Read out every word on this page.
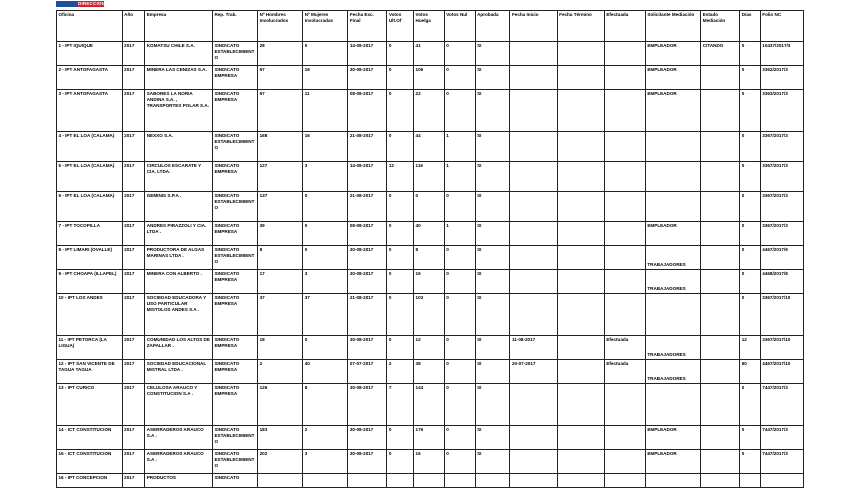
DIRECCION
Oficina	Año	Empresa	Rep. Trab.	Nº Hombres Involucrados	Nº Mujeres Involucradas	Fecha Exc. Final	Votos Ult.Of	Votos Huelga	Votos Nul	Aprobada	Fecha Inicio	Fecha Término	Efectuada	Solicitante Mediación	Estado Mediación	Días	Folio NC
1 - IPT IQUIQUE	2017	KOMATSU CHILE S.A.	SINDICATO ESTABLECIMIENTO	28	0	14-08-2017	0	41	0	SI				EMPLEADOR	CITANDO	0	10437/2017/3
2 - IPT ANTOFAGASTA	2017	MINERA LAS CENIZAS S.A.	SINDICATO EMPRESA	67	16	30-08-2017	0	106	0	SI				EMPLEADOR		0	3362/2017/3
3 - IPT ANTOFAGASTA	2017	SABORES LA NORIA ANDINA S.A. , TRANSPORTES POLAR S.A.	SINDICATO EMPRESA	67	11	08-08-2017	0	22	0	SI				EMPLEADOR		0	3363/2017/3
4 - IPT EL LOA (CALAMA)	2017	NEXXO S.A.	SINDICATO ESTABLECIMIENTO	168	16	21-08-2017	0	44	1	SI						0	3367/2017/3
5 - IPT EL LOA (CALAMA)	2017	CIRCULOS ESCARATE Y CIA. LTDA.	SINDICATO EMPRESA	127	3	14-08-2017	12	116	1	SI						0	3367/2017/3
6 - IPT EL LOA (CALAMA)	2017	GEMINIS S.P.A .	SINDICATO ESTABLECIMIENTO	137	0	21-08-2017	0	0	0	SI						0	3367/2017/3
7 - IPT TOCOPILLA	2017	ANDRES PIRAZZOLI Y CIA. LTDA .	SINDICATO EMPRESA	39	0	08-08-2017	0	40	1	SI				EMPLEADOR		0	3367/2017/3
8 - IPT LIMARI (OVALLE)	2017	PRODUCTORA DE ALGAS MARINAS LTDA .	SINDICATO ESTABLECIMIENTO	8	0	30-08-2017	0	8	0	SI				TRABAJADORES		0	4467/2017/9
9 - IPT CHOAPA (ILLAPEL)	2017	MINERA CON ALBERTO .	SINDICATO EMPRESA	17	3	30-08-2017	0	16	0	SI				TRABAJADORES		0	4468/2017/8
10 - IPT LOS ANDES	2017	SOCIEDAD EDUCADORA Y USO PARTICULAR MISTOLOS ANDES S.A .	SINDICATO EMPRESA	37	37	21-08-2017	0	103	0	SI						0	3367/2017/10
11 - IPT PETORCA (LA LIGUA)	2017	COMUNIDAD LOS ALTOS DE ZAPALLAR .	SINDICATO EMPRESA	18	0	30-08-2017	0	12	0	SI	11-08-2017		Efectuada	TRABAJADORES		12	3367/2017/10
12 - IPT SAN VICENTE DE TAGUA TAGUA	2017	SOCIEDAD EDUCACIONAL MISTRAL LTDA .	SINDICATO EMPRESA	2	40	07-07-2017	2	38	0	SI	20-07-2017		Efectuada	TRABAJADORES		60	4467/2017/10
13 - IPT CURICO	2017	CELULOSA ARAUCO Y CONSTITUCION S.A .	SINDICATO EMPRESA	126	8	30-08-2017	7	144	0	SI						0	7447/2017/3
14 - ICT CONSTITUCION	2017	ASERRADEROS ARAUCO S.A .	SINDICATO ESTABLECIMIENTO	183	2	30-08-2017	0	176	0	SI				EMPLEADOR		0	7447/2017/3
15 - ICT CONSTITUCION	2017	ASERRADEROS ARAUCO S.A .	SINDICATO ESTABLECIMIENTO	202	3	30-08-2017	0	16	0	SI				EMPLEADOR		0	7447/2017/3
16 - IPT CONCEPCION	2017	PRODUCTOS	SINDICATO														
